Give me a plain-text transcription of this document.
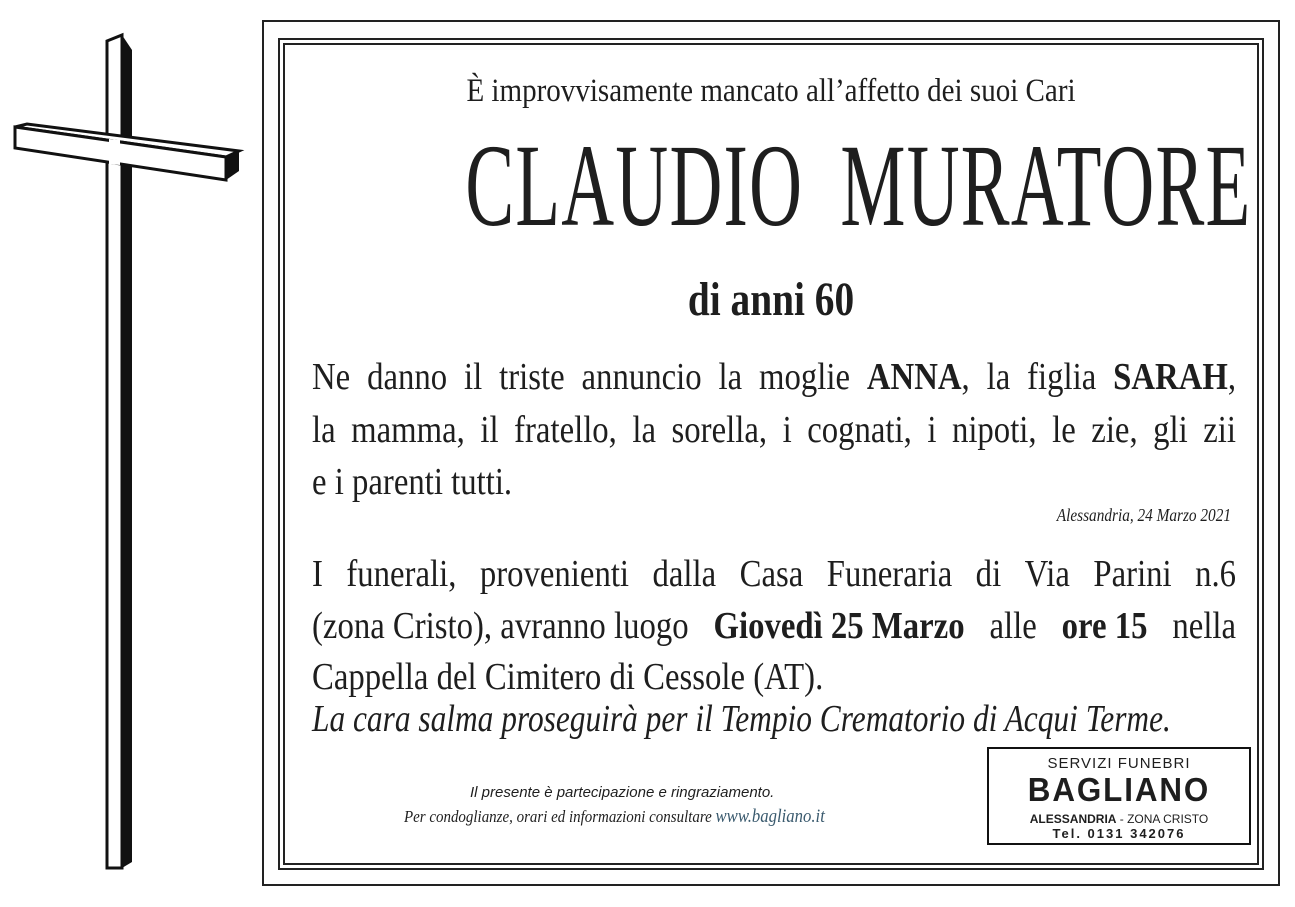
È improvvisamente mancato all’affetto dei suoi Cari
CLAUDIO MURATORE
di anni 60
Ne danno il triste annuncio la moglie ANNA, la figlia SARAH,
la mamma, il fratello, la sorella, i cognati, i nipoti, le zie, gli zii
e i parenti tutti.
Alessandria, 24 Marzo 2021
I funerali, provenienti dalla Casa Funeraria di Via Parini n.6
(zona Cristo), avranno luogo Giovedì 25 Marzo alle ore 15 nella
Cappella del Cimitero di Cessole (AT).
La cara salma proseguirà per il Tempio Crematorio di Acqui Terme.
Il presente è partecipazione e ringraziamento.
Per condoglianze, orari ed informazioni consultare www.bagliano.it
SERVIZI FUNEBRI
BAGLIANO
ALESSANDRIA - ZONA CRISTO
Tel. 0131 342076
